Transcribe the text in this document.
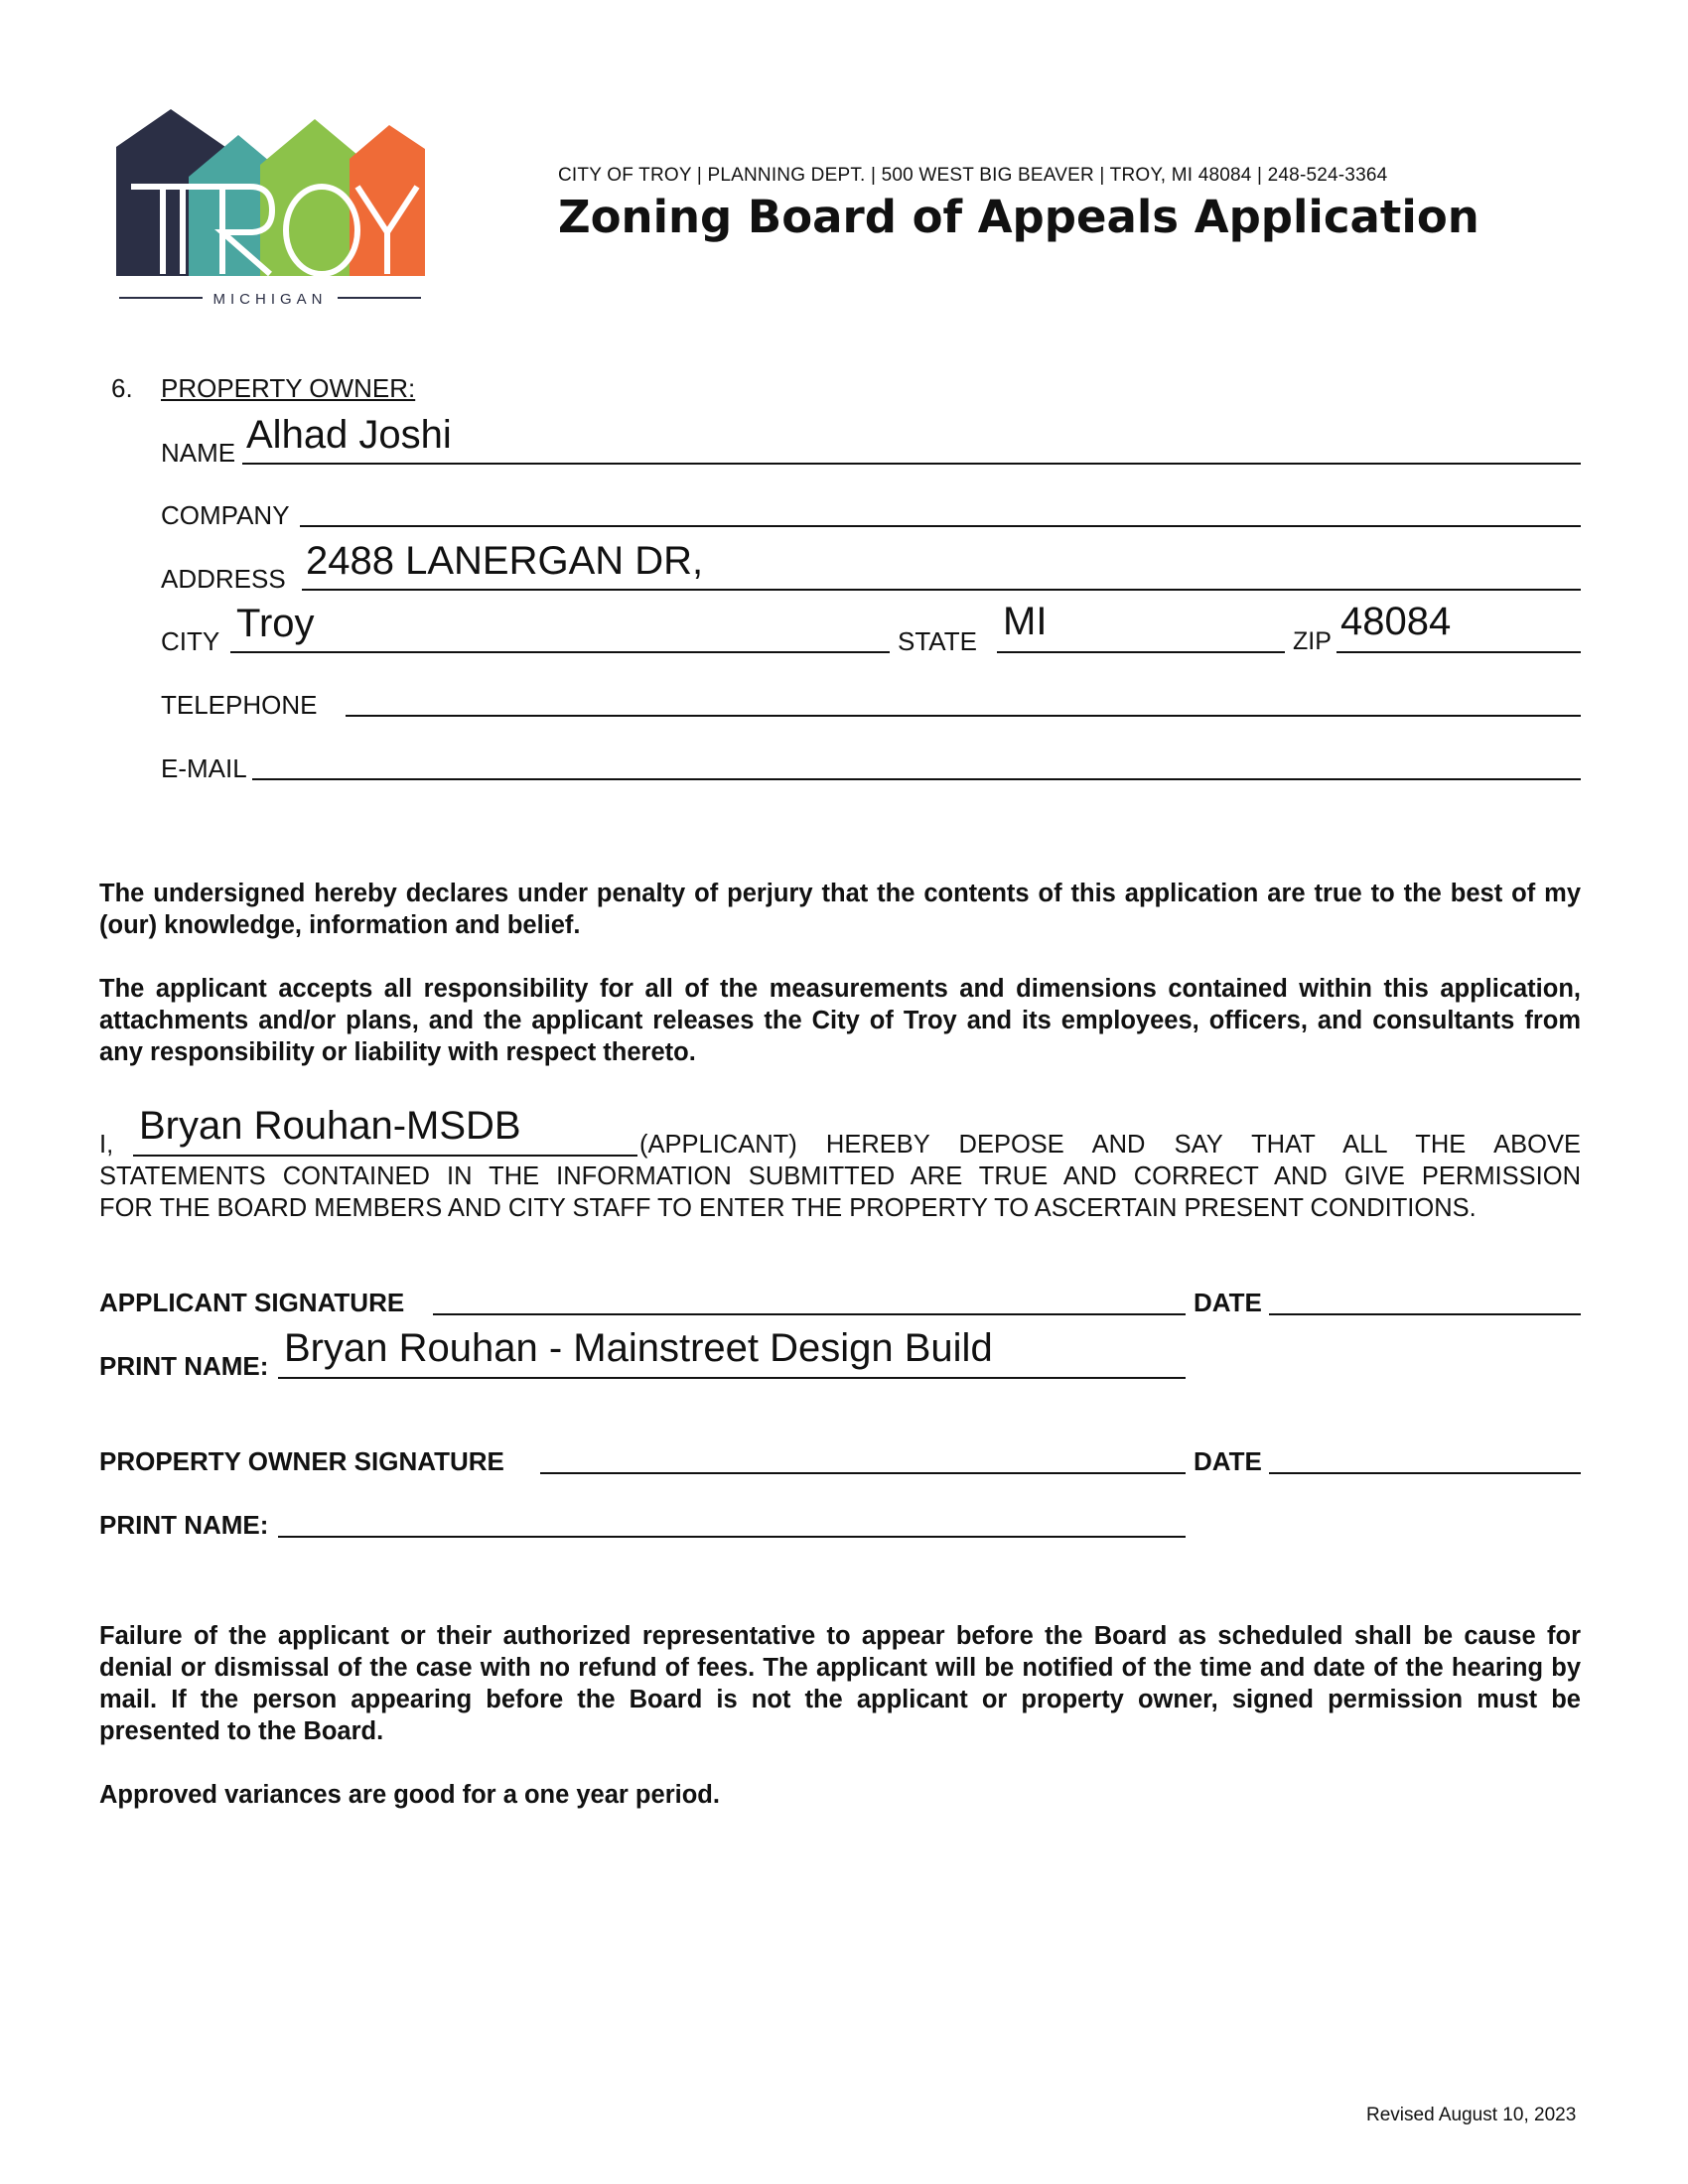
MICHIGAN
CITY OF TROY | PLANNING DEPT. | 500 WEST BIG BEAVER | TROY, MI 48084 | 248-524-3364
Zoning Board of Appeals Application
6. PROPERTY OWNER:
NAME Alhad Joshi
COMPANY
ADDRESS 2488 LANERGAN DR,
CITY Troy	STATE MI	ZIP 48084
TELEPHONE
E-MAIL
The undersigned hereby declares under penalty of perjury that the contents of this application are true to the best of my (our) knowledge, information and belief.
The applicant accepts all responsibility for all of the measurements and dimensions contained within this application, attachments and/or plans, and the applicant releases the City of Troy and its employees, officers, and consultants from any responsibility or liability with respect thereto.
I, Bryan Rouhan-MSDB	(APPLICANT) HEREBY DEPOSE AND SAY THAT ALL THE ABOVE
STATEMENTS CONTAINED IN THE INFORMATION SUBMITTED ARE TRUE AND CORRECT AND GIVE PERMISSION
FOR THE BOARD MEMBERS AND CITY STAFF TO ENTER THE PROPERTY TO ASCERTAIN PRESENT CONDITIONS.
APPLICANT SIGNATURE	DATE
PRINT NAME: Bryan Rouhan - Mainstreet Design Build
PROPERTY OWNER SIGNATURE	DATE
PRINT NAME:
Failure of the applicant or their authorized representative to appear before the Board as scheduled shall be cause for denial or dismissal of the case with no refund of fees. The applicant will be notified of the time and date of the hearing by mail. If the person appearing before the Board is not the applicant or property owner, signed permission must be presented to the Board.
Approved variances are good for a one year period.
Revised August 10, 2023
